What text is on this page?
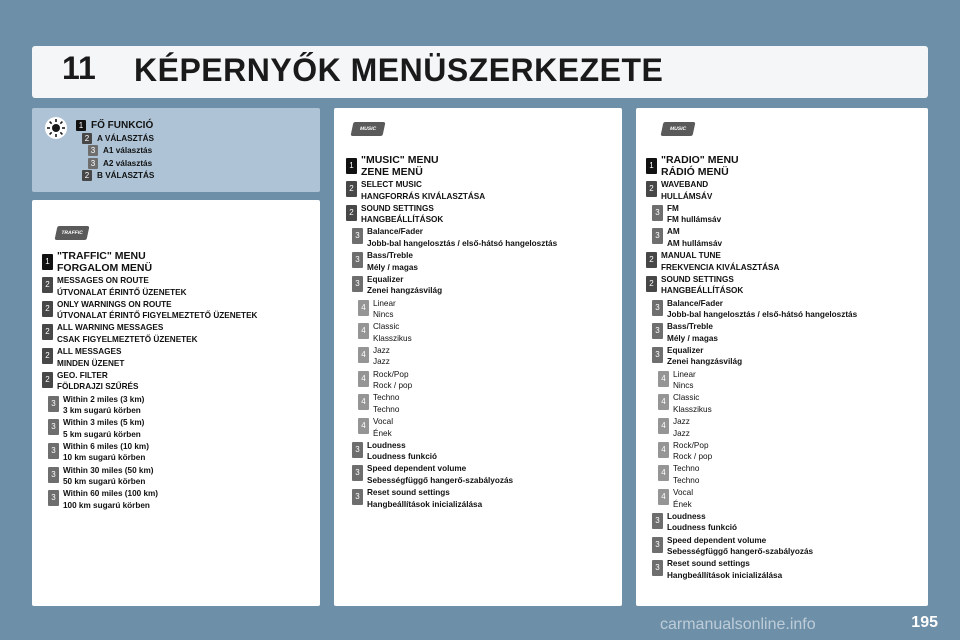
11 KÉPERNYŐK MENÜSZERKEZETE
1 FŐ FUNKCIÓ
2 A VÁLASZTÁS
3 A1 választás
3 A2 választás
2 B VÁLASZTÁS
TRAFFIC
1 "TRAFFIC" MENU
FORGALOM MENÜ
2 MESSAGES ON ROUTE
ÚTVONALAT ÉRINTŐ ÜZENETEK
2 ONLY WARNINGS ON ROUTE
ÚTVONALAT ÉRINTŐ FIGYELMEZTETŐ ÜZENETEK
2 ALL WARNING MESSAGES
CSAK FIGYELMEZTETŐ ÜZENETEK
2 ALL MESSAGES
MINDEN ÜZENET
2 GEO. FILTER
FÖLDRAJZI SZŰRÉS
3 Within 2 miles (3 km)
3 km sugarú körben
3 Within 3 miles (5 km)
5 km sugarú körben
3 Within 6 miles (10 km)
10 km sugarú körben
3 Within 30 miles (50 km)
50 km sugarú körben
3 Within 60 miles (100 km)
100 km sugarú körben
MUSIC
1 "MUSIC" MENU
ZENE MENÜ
2 SELECT MUSIC
HANGFORRÁS KIVÁLASZTÁSA
2 SOUND SETTINGS
HANGBEÁLLÍTÁSOK
3 Balance/Fader
Jobb-bal hangelosztás / első-hátsó hangelosztás
3 Bass/Treble
Mély / magas
3 Equalizer
Zenei hangzásvilág
4 Linear
Nincs
4 Classic
Klasszikus
4 Jazz
Jazz
4 Rock/Pop
Rock / pop
4 Techno
Techno
4 Vocal
Ének
3 Loudness
Loudness funkció
3 Speed dependent volume
Sebességfüggő hangerő-szabályozás
3 Reset sound settings
Hangbeállítások inicializálása
MUSIC
1 "RADIO" MENU
RÁDIÓ MENÜ
2 WAVEBAND
HULLÁMSÁV
3 FM
FM hullámsáv
3 AM
AM hullámsáv
2 MANUAL TUNE
FREKVENCIA KIVÁLASZTÁSA
2 SOUND SETTINGS
HANGBEÁLLÍTÁSOK
3 Balance/Fader
Jobb-bal hangelosztás / első-hátsó hangelosztás
3 Bass/Treble
Mély / magas
3 Equalizer
Zenei hangzásvilág
4 Linear
Nincs
4 Classic
Klasszikus
4 Jazz
Jazz
4 Rock/Pop
Rock / pop
4 Techno
Techno
4 Vocal
Ének
3 Loudness
Loudness funkció
3 Speed dependent volume
Sebességfüggő hangerő-szabályozás
3 Reset sound settings
Hangbeállítások inicializálása
carmanualsonline.info	195
